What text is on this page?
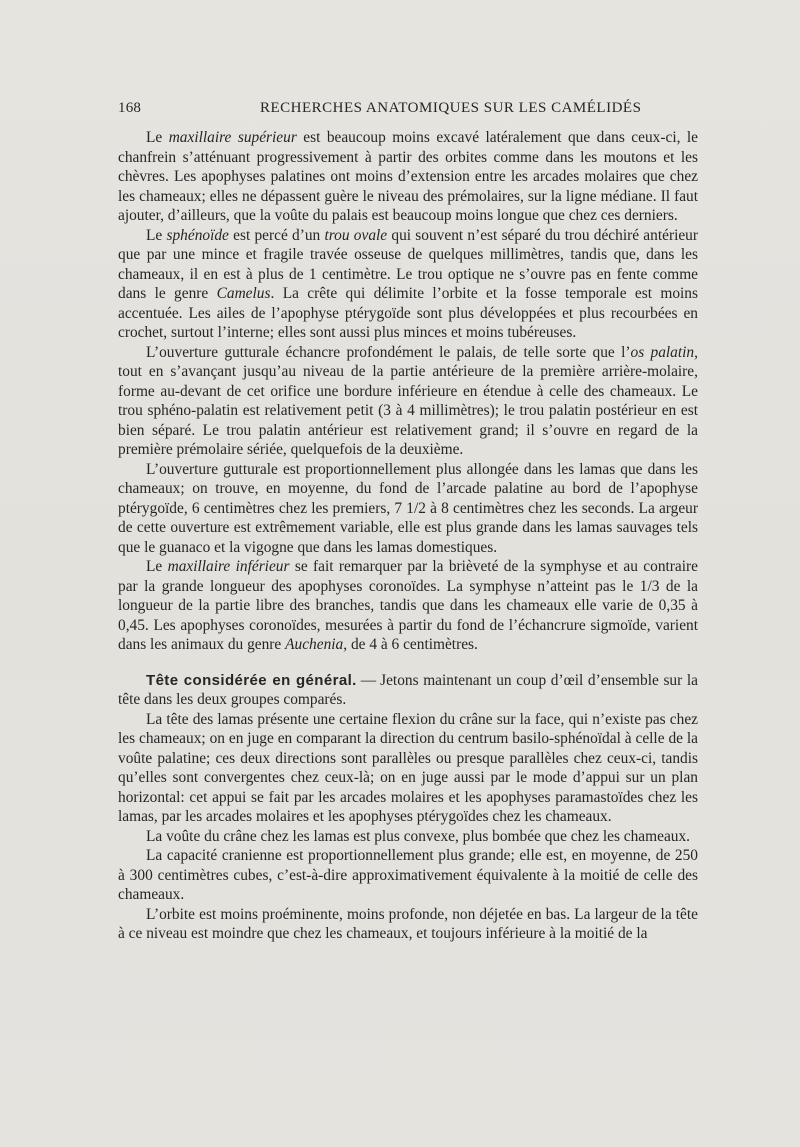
168	RECHERCHES ANATOMIQUES SUR LES CAMÉLIDÉS

Le maxillaire supérieur est beaucoup moins excavé latéralement que dans ceux-ci, le chanfrein s’atténuant progressivement à partir des orbites comme dans les moutons et les chèvres. Les apophyses palatines ont moins d’extension entre les arcades molaires que chez les chameaux; elles ne dépassent guère le niveau des prémolaires, sur la ligne médiane. Il faut ajouter, d’ailleurs, que la voûte du palais est beaucoup moins longue que chez ces derniers.

Le sphénoïde est percé d’un trou ovale qui souvent n’est séparé du trou déchiré antérieur que par une mince et fragile travée osseuse de quelques millimètres, tandis que, dans les chameaux, il en est à plus de 1 centimètre. Le trou optique ne s’ouvre pas en fente comme dans le genre Camelus. La crête qui délimite l’orbite et la fosse temporale est moins accentuée. Les ailes de l’apophyse ptérygoïde sont plus développées et plus recourbées en crochet, surtout l’interne; elles sont aussi plus minces et moins tubéreuses.

L’ouverture gutturale échancre profondément le palais, de telle sorte que l’os palatin, tout en s’avançant jusqu’au niveau de la partie antérieure de la première arrière-molaire, forme au-devant de cet orifice une bordure inférieure en étendue à celle des chameaux. Le trou sphéno-palatin est relativement petit (3 à 4 millimètres); le trou palatin postérieur en est bien séparé. Le trou palatin antérieur est relativement grand; il s’ouvre en regard de la première prémolaire sériée, quelquefois de la deuxième.

L’ouverture gutturale est proportionnellement plus allongée dans les lamas que dans les chameaux; on trouve, en moyenne, du fond de l’arcade palatine au bord de l’apophyse ptérygoïde, 6 centimètres chez les premiers, 7 1/2 à 8 centimètres chez les seconds. La argeur de cette ouverture est extrêmement variable, elle est plus grande dans les lamas sauvages tels que le guanaco et la vigogne que dans les lamas domestiques.

Le maxillaire inférieur se fait remarquer par la brièveté de la symphyse et au contraire par la grande longueur des apophyses coronoïdes. La symphyse n’atteint pas le 1/3 de la longueur de la partie libre des branches, tandis que dans les chameaux elle varie de 0,35 à 0,45. Les apophyses coronoïdes, mesurées à partir du fond de l’échancrure sigmoïde, varient dans les animaux du genre Auchenia, de 4 à 6 centimètres.

Tête considérée en général. — Jetons maintenant un coup d’œil d’ensemble sur la tête dans les deux groupes comparés.

La tête des lamas présente une certaine flexion du crâne sur la face, qui n’existe pas chez les chameaux; on en juge en comparant la direction du centrum basilo-sphénoïdal à celle de la voûte palatine; ces deux directions sont parallèles ou presque parallèles chez ceux-ci, tandis qu’elles sont convergentes chez ceux-là; on en juge aussi par le mode d’appui sur un plan horizontal: cet appui se fait par les arcades molaires et les apophyses paramastoïdes chez les lamas, par les arcades molaires et les apophyses ptérygoïdes chez les chameaux.

La voûte du crâne chez les lamas est plus convexe, plus bombée que chez les chameaux.

La capacité cranienne est proportionnellement plus grande; elle est, en moyenne, de 250 à 300 centimètres cubes, c’est-à-dire approximativement équivalente à la moitié de celle des chameaux.

L’orbite est moins proéminente, moins profonde, non déjetée en bas. La largeur de la tête à ce niveau est moindre que chez les chameaux, et toujours inférieure à la moitié de la
